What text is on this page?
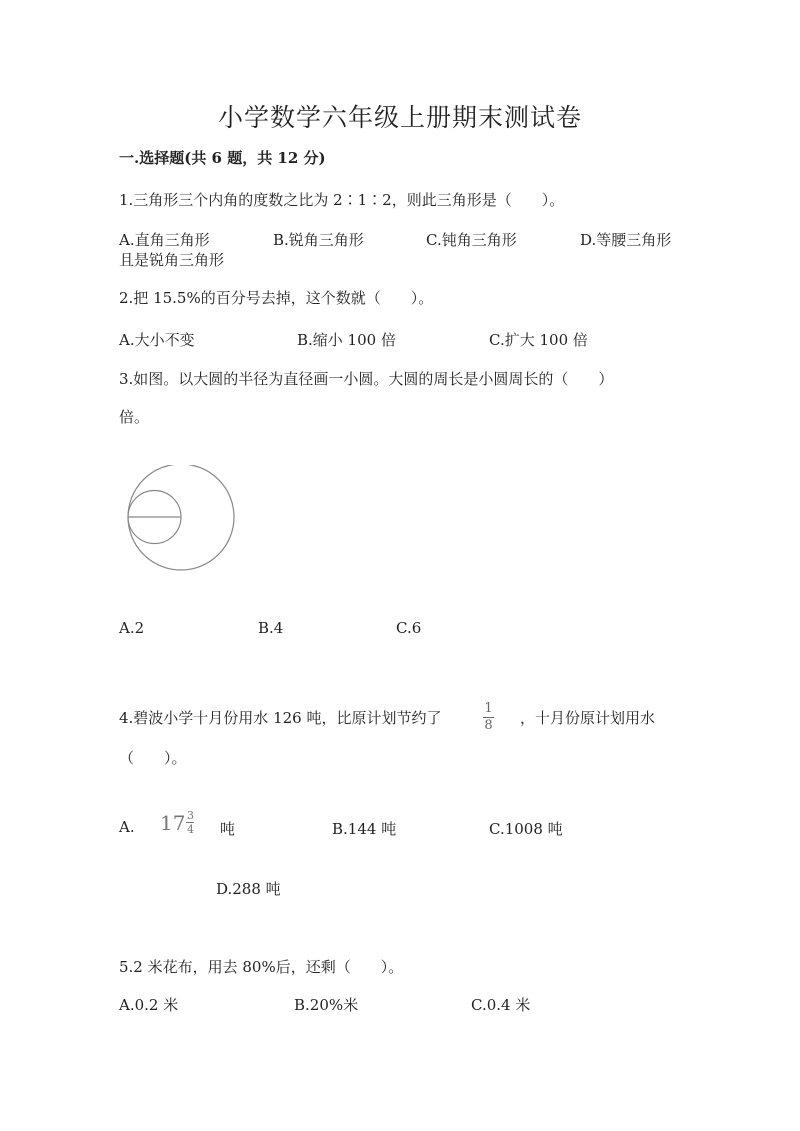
小学数学六年级上册期末测试卷
一.选择题(共 6 题，共 12 分)
1.三角形三个内角的度数之比为 2∶1∶2，则此三角形是（　　）。
A.直角三角形	B.锐角三角形	C.钝角三角形	D.等腰三角形
且是锐角三角形
2.把 15.5%的百分号去掉，这个数就（　　）。
A.大小不变	B.缩小 100 倍	C.扩大 100 倍
3.如图。以大圆的半径为直径画一小圆。大圆的周长是小圆周长的（　　）
倍。
A.2	B.4	C.6
4.碧波小学十月份用水 126 吨，比原计划节约了
1
8 ，十月份原计划用水
（　　）。
A. $17 \frac{3}{4}$ 吨	B.144 吨	C.1008 吨
D.288 吨
5.2 米花布，用去 80%后，还剩（　　）。
A.0.2 米	B.20%米	C.0.4 米
